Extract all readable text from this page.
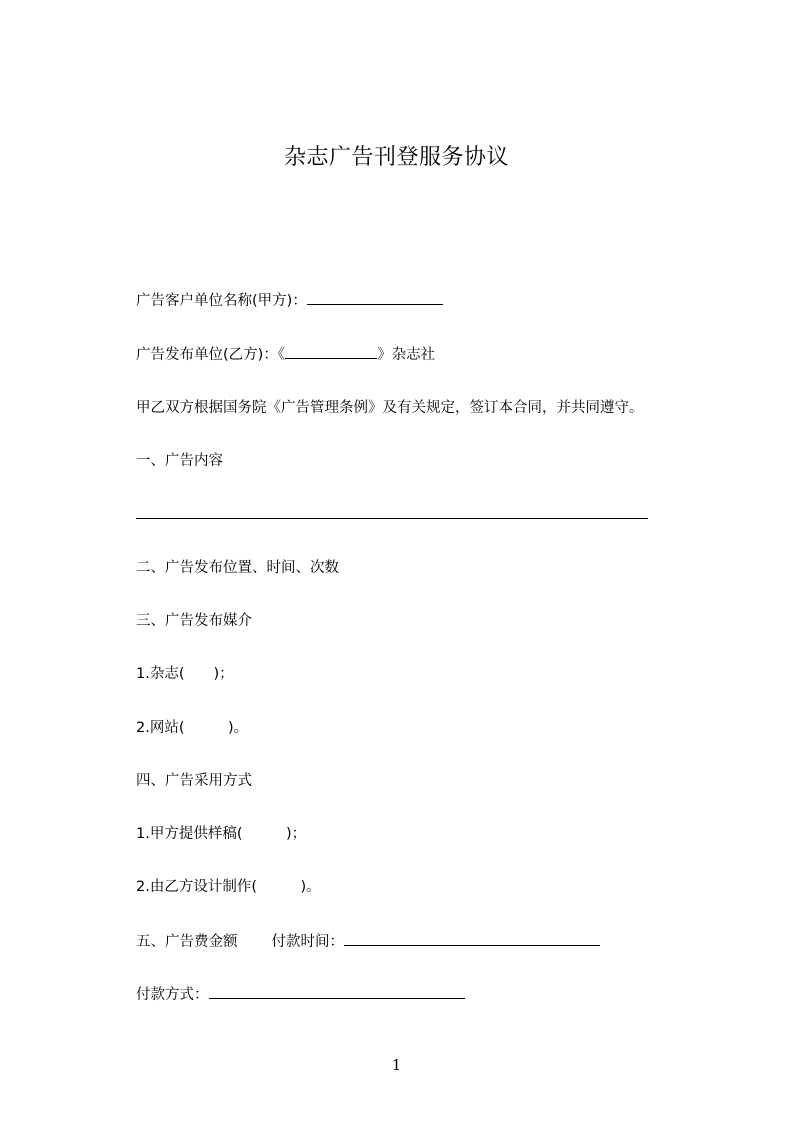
杂志广告刊登服务协议
广告客户单位名称(甲方)：
广告发布单位(乙方)：《	》杂志社
甲乙双方根据国务院《广告管理条例》及有关规定，签订本合同，并共同遵守。
一、广告内容
二、广告发布位置、时间、次数
三、广告发布媒介
1.杂志(　　)；
2.网站(　　　)。
四、广告采用方式
1.甲方提供样稿(　　　)；
2.由乙方设计制作(　　　)。
五、广告费金额 付款时间：
付款方式：
1
